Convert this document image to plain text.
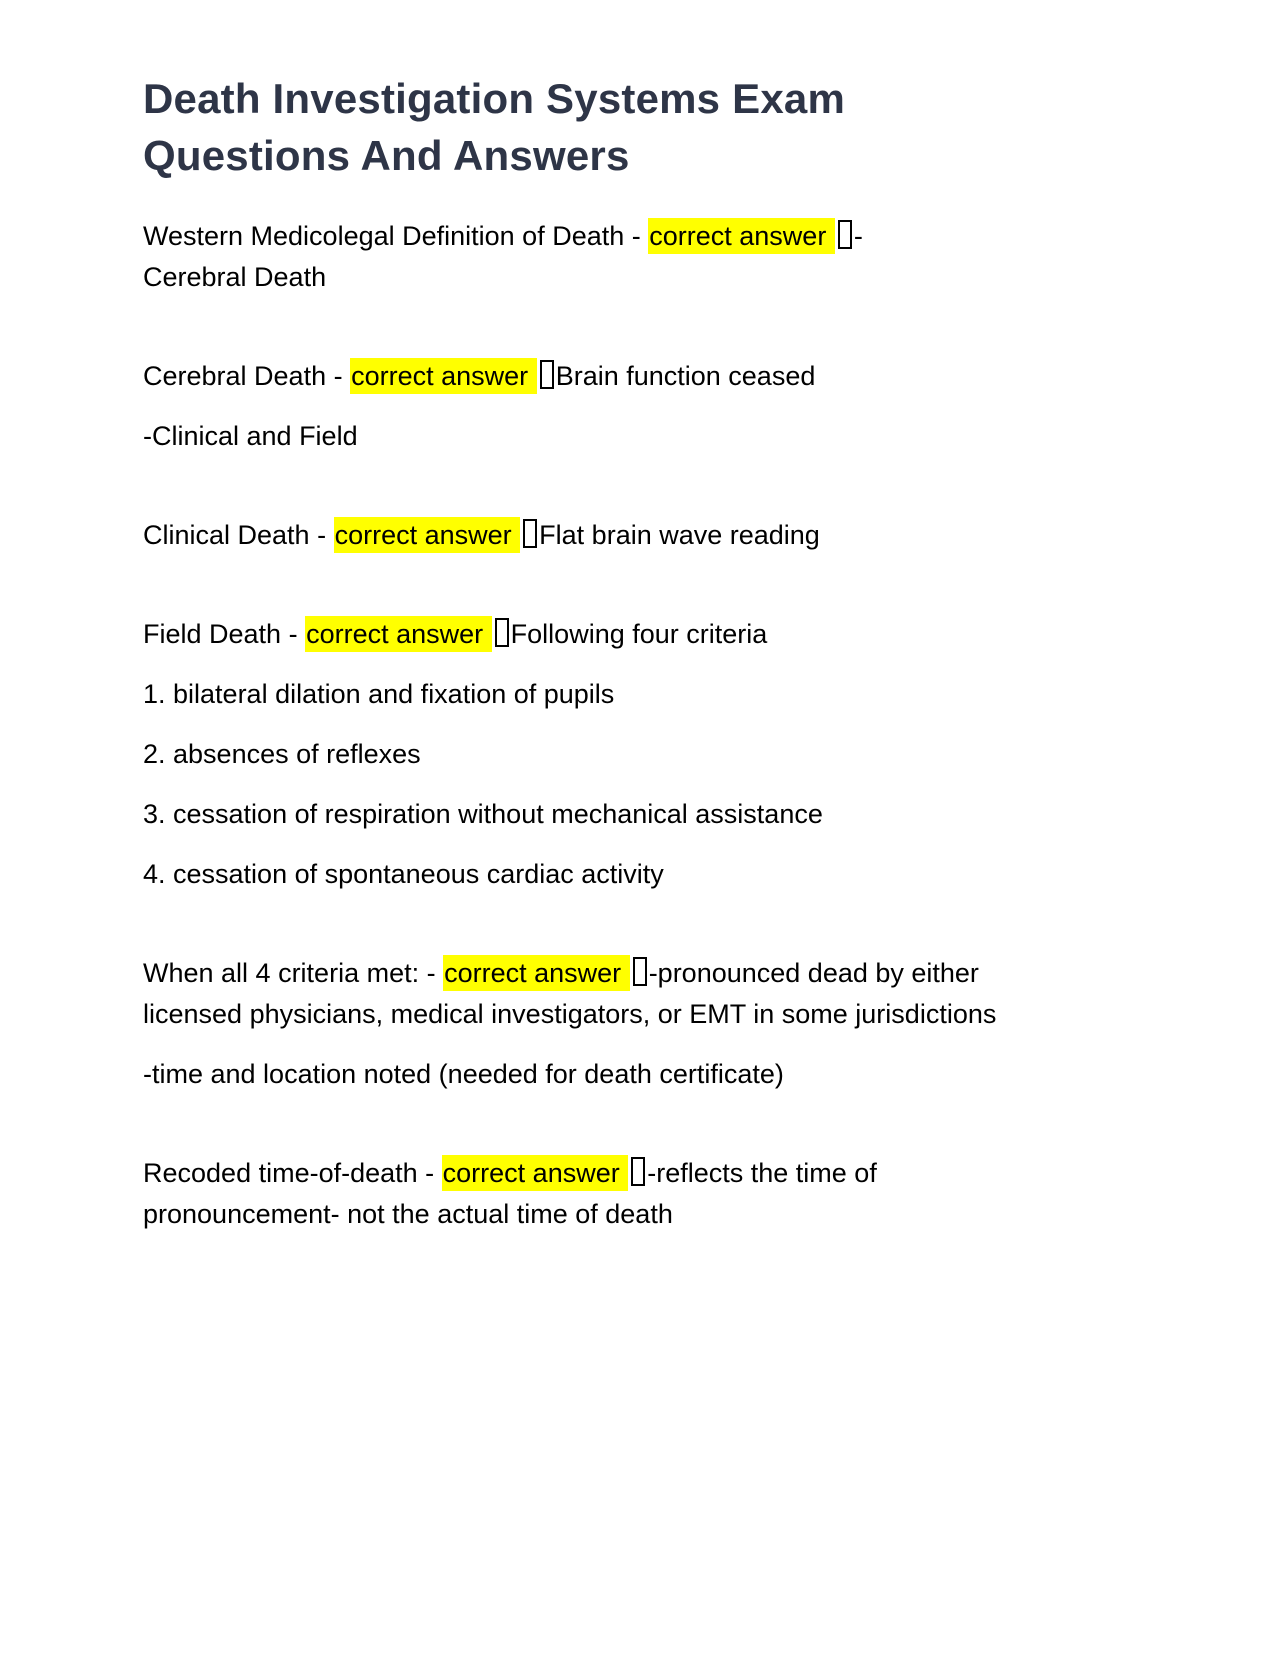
Death Investigation Systems Exam Questions And Answers

Western Medicolegal Definition of Death - correct answer -
Cerebral Death

Cerebral Death - correct answer Brain function ceased

-Clinical and Field

Clinical Death - correct answer Flat brain wave reading

Field Death - correct answer Following four criteria

1. bilateral dilation and fixation of pupils

2. absences of reflexes

3. cessation of respiration without mechanical assistance

4. cessation of spontaneous cardiac activity

When all 4 criteria met: - correct answer -pronounced dead by either licensed physicians, medical investigators, or EMT in some jurisdictions

-time and location noted (needed for death certificate)

Recoded time-of-death - correct answer -reflects the time of pronouncement- not the actual time of death
